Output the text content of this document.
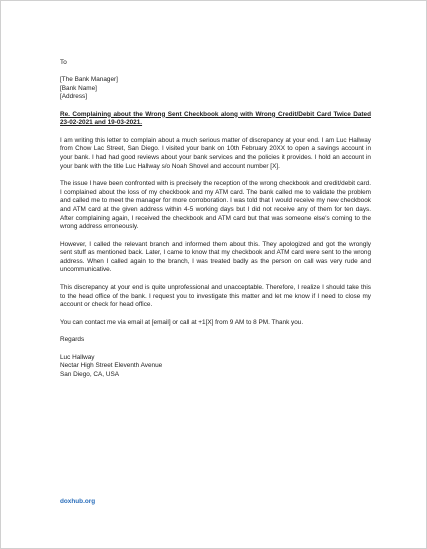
To
[The Bank Manager]
[Bank Name]
[Address]

Re. Complaining about the Wrong Sent Checkbook along with Wrong Credit/Debit Card Twice Dated 23-02-2021 and 19-03-2021.

I am writing this letter to complain about a much serious matter of discrepancy at your end. I am Luc Hallway from Chow Lac Street, San Diego. I visited your bank on 10th February 20XX to open a savings account in your bank. I had had good reviews about your bank services and the policies it provides. I hold an account in your bank with the title Luc Hallway s/o Noah Shovel and account number [X].

The issue I have been confronted with is precisely the reception of the wrong checkbook and credit/debit card. I complained about the loss of my checkbook and my ATM card. The bank called me to validate the problem and called me to meet the manager for more corroboration. I was told that I would receive my new checkbook and ATM card at the given address within 4-5 working days but I did not receive any of them for ten days. After complaining again, I received the checkbook and ATM card but that was someone else's coming to the wrong address erroneously.

However, I called the relevant branch and informed them about this. They apologized and got the wrongly sent stuff as mentioned back. Later, I came to know that my checkbook and ATM card were sent to the wrong address. When I called again to the branch, I was treated badly as the person on call was very rude and uncommunicative.

This discrepancy at your end is quite unprofessional and unacceptable. Therefore, I realize I should take this to the head office of the bank. I request you to investigate this matter and let me know if I need to close my account or check for head office.

You can contact me via email at [email] or call at +1[X] from 9 AM to 8 PM. Thank you.

Regards
Luc Hallway
Nectar High Street Eleventh Avenue
San Diego, CA, USA
doxhub.org
